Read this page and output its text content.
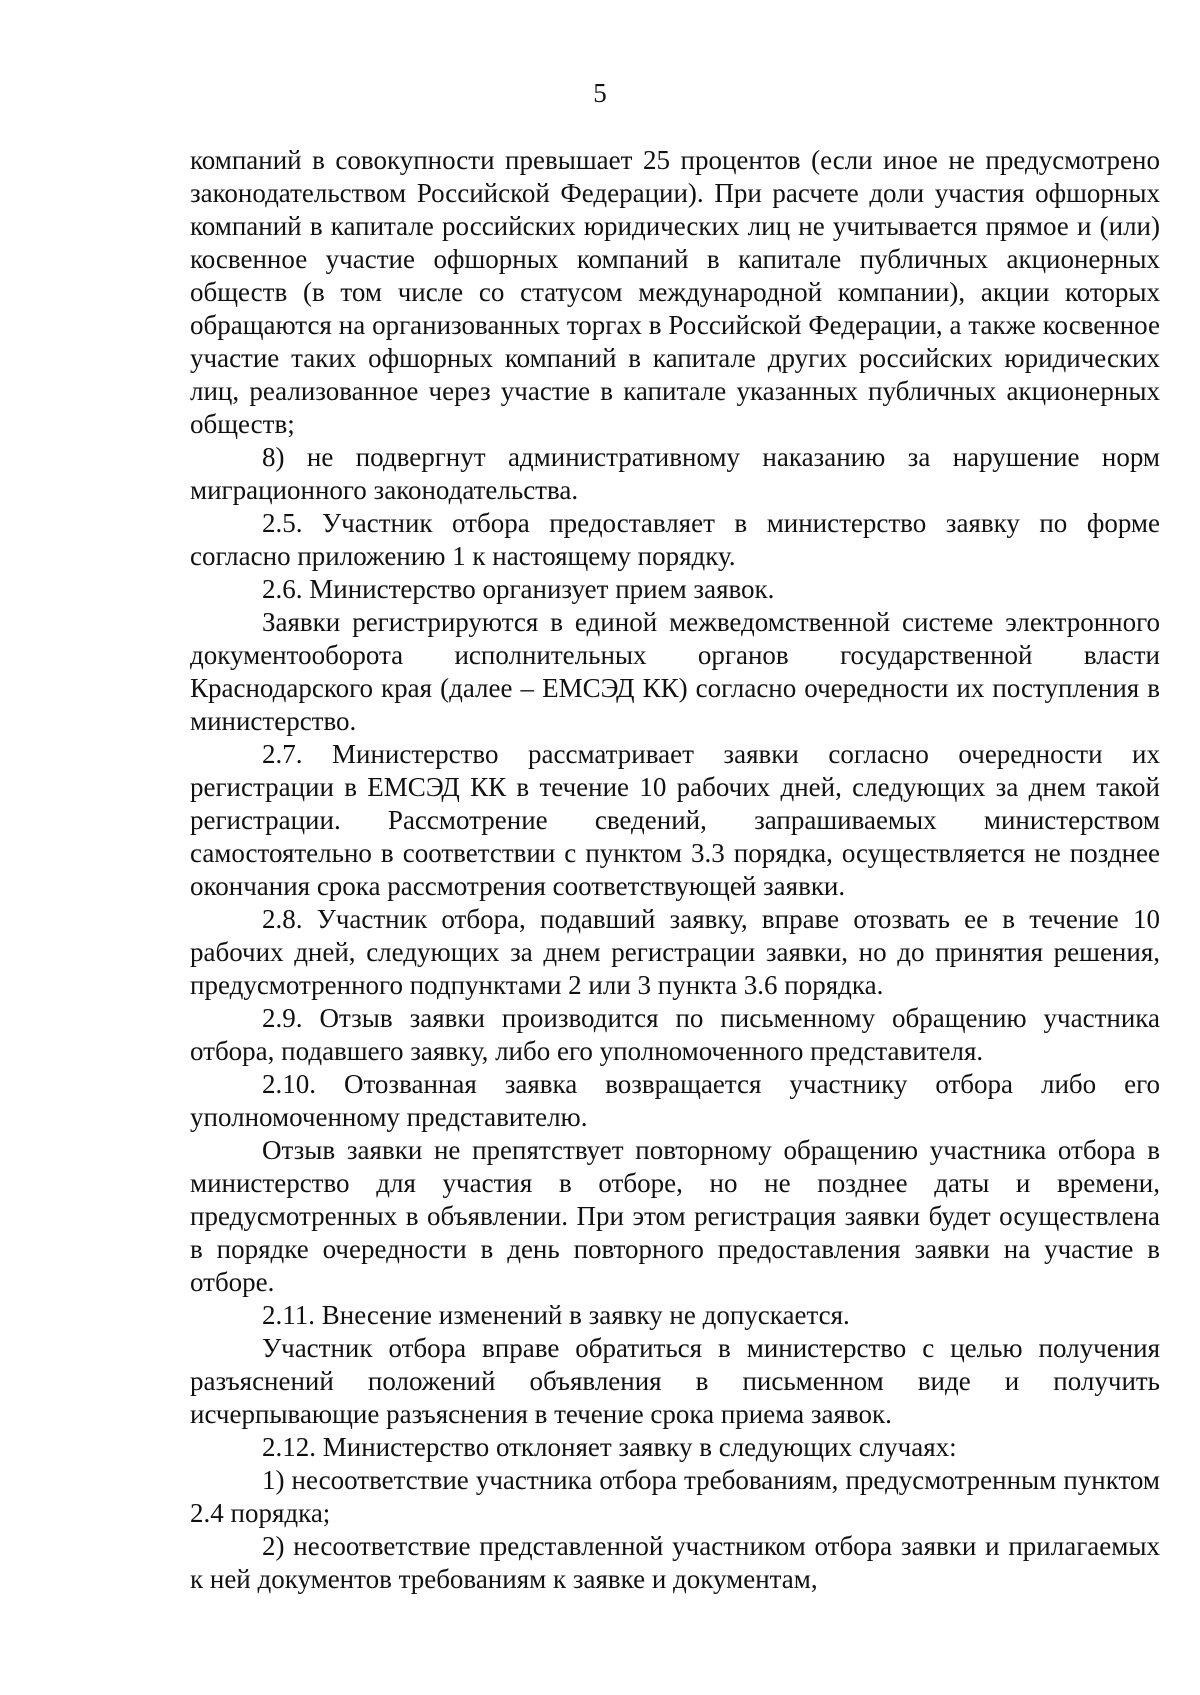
5

компаний в совокупности превышает 25 процентов (если иное не предусмотрено законодательством Российской Федерации). При расчете доли участия офшорных компаний в капитале российских юридических лиц не учитывается прямое и (или) косвенное участие офшорных компаний в капитале публичных акционерных обществ (в том числе со статусом международной компании), акции которых обращаются на организованных торгах в Российской Федерации, а также косвенное участие таких офшорных компаний в капитале других российских юридических лиц, реализованное через участие в капитале указанных публичных акционерных обществ;

8) не подвергнут административному наказанию за нарушение норм миграционного законодательства.

2.5. Участник отбора предоставляет в министерство заявку по форме согласно приложению 1 к настоящему порядку.

2.6. Министерство организует прием заявок.

Заявки регистрируются в единой межведомственной системе электронного документооборота исполнительных органов государственной власти Краснодарского края (далее – ЕМСЭД КК) согласно очередности их поступления в министерство.

2.7. Министерство рассматривает заявки согласно очередности их регистрации в ЕМСЭД КК в течение 10 рабочих дней, следующих за днем такой регистрации. Рассмотрение сведений, запрашиваемых министерством самостоятельно в соответствии с пунктом 3.3 порядка, осуществляется не позднее окончания срока рассмотрения соответствующей заявки.

2.8. Участник отбора, подавший заявку, вправе отозвать ее в течение 10 рабочих дней, следующих за днем регистрации заявки, но до принятия решения, предусмотренного подпунктами 2 или 3 пункта 3.6 порядка.

2.9. Отзыв заявки производится по письменному обращению участника отбора, подавшего заявку, либо его уполномоченного представителя.

2.10. Отозванная заявка возвращается участнику отбора либо его уполномоченному представителю.

Отзыв заявки не препятствует повторному обращению участника отбора в министерство для участия в отборе, но не позднее даты и времени, предусмотренных в объявлении. При этом регистрация заявки будет осуществлена в порядке очередности в день повторного предоставления заявки на участие в отборе.

2.11. Внесение изменений в заявку не допускается.

Участник отбора вправе обратиться в министерство с целью получения разъяснений положений объявления в письменном виде и получить исчерпывающие разъяснения в течение срока приема заявок.

2.12. Министерство отклоняет заявку в следующих случаях:

1) несоответствие участника отбора требованиям, предусмотренным пунктом 2.4 порядка;

2) несоответствие представленной участником отбора заявки и прилагаемых к ней документов требованиям к заявке и документам,
